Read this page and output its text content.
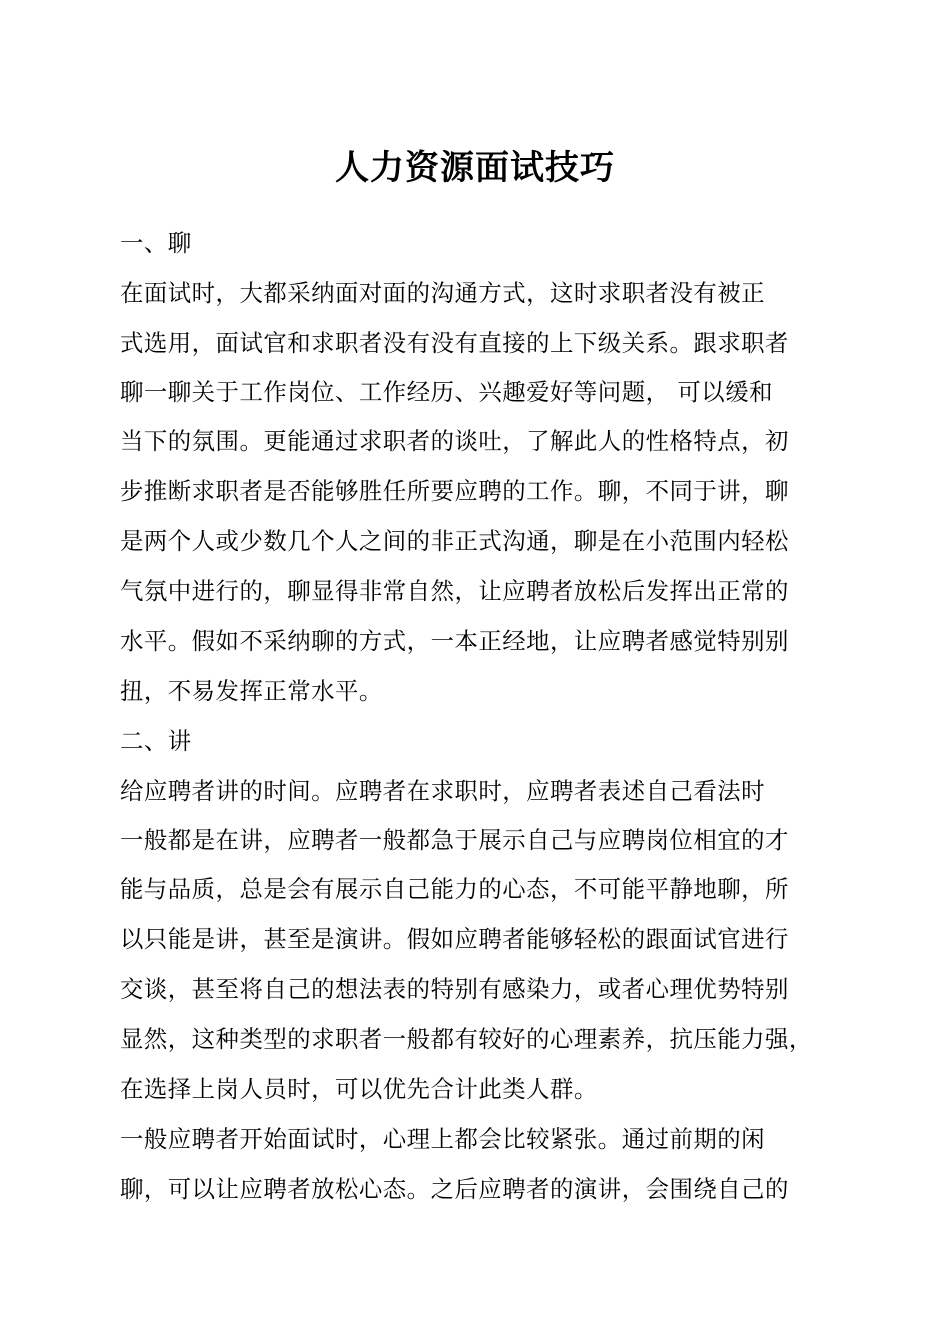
人力资源面试技巧
一、聊
在面试时，大都采纳面对面的沟通方式，这时求职者没有被正
式选用，面试官和求职者没有没有直接的上下级关系。跟求职者
聊一聊关于工作岗位、工作经历、兴趣爱好等问题， 可以缓和
当下的氛围。更能通过求职者的谈吐，了解此人的性格特点，初
步推断求职者是否能够胜任所要应聘的工作。聊，不同于讲，聊
是两个人或少数几个人之间的非正式沟通，聊是在小范围内轻松
气氛中进行的，聊显得非常自然，让应聘者放松后发挥出正常的
水平。假如不采纳聊的方式，一本正经地，让应聘者感觉特别别
扭，不易发挥正常水平。
二、讲
给应聘者讲的时间。应聘者在求职时，应聘者表述自己看法时
一般都是在讲，应聘者一般都急于展示自己与应聘岗位相宜的才
能与品质，总是会有展示自己能力的心态，不可能平静地聊，所
以只能是讲，甚至是演讲。假如应聘者能够轻松的跟面试官进行
交谈，甚至将自己的想法表的特别有感染力，或者心理优势特别
显然，这种类型的求职者一般都有较好的心理素养，抗压能力强，
在选择上岗人员时，可以优先合计此类人群。
一般应聘者开始面试时，心理上都会比较紧张。通过前期的闲
聊，可以让应聘者放松心态。之后应聘者的演讲，会围绕自己的
